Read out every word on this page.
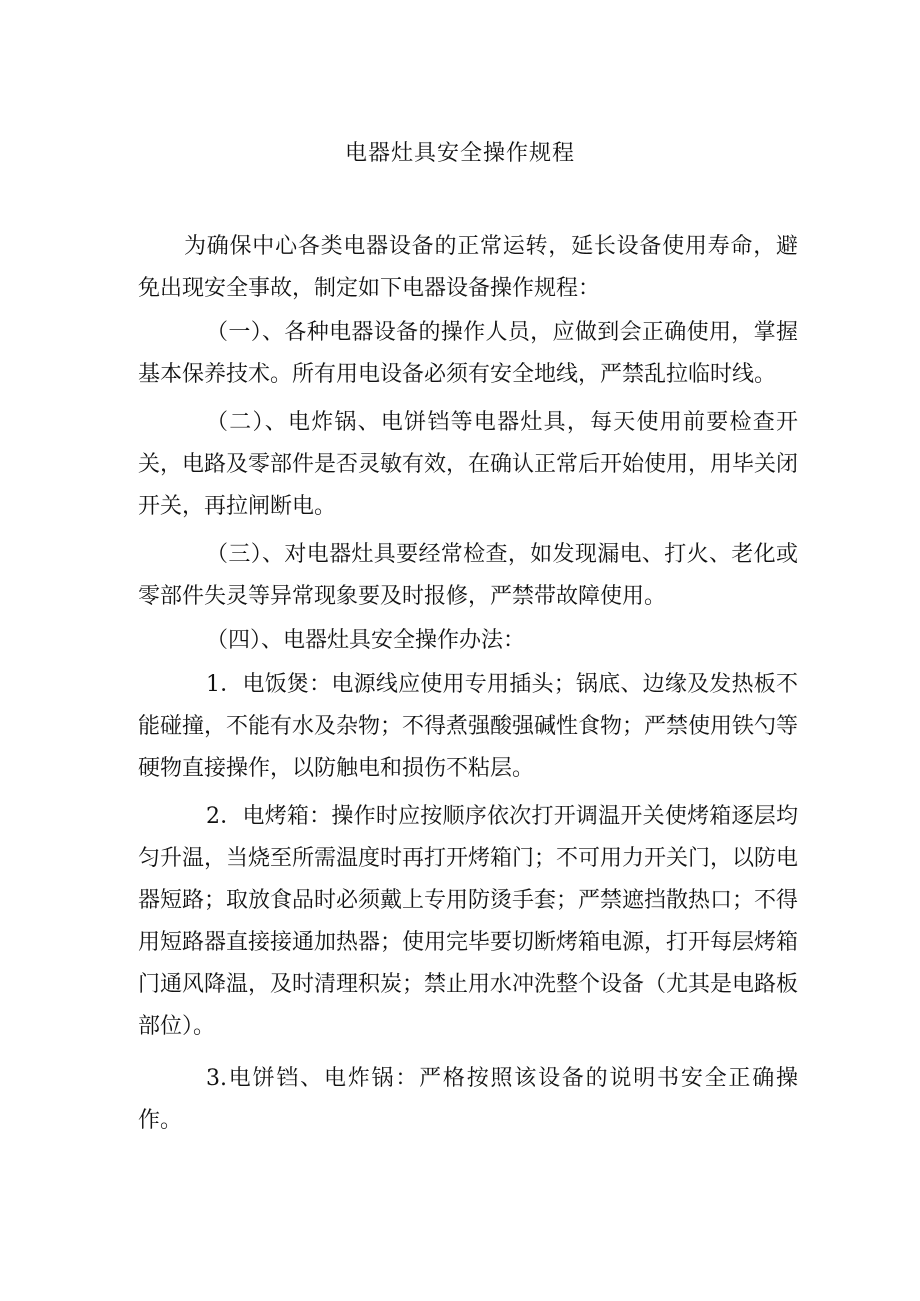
电器灶具安全操作规程

为确保中心各类电器设备的正常运转，延长设备使用寿命，避免出现安全事故，制定如下电器设备操作规程：

（一）、各种电器设备的操作人员，应做到会正确使用，掌握基本保养技术。所有用电设备必须有安全地线，严禁乱拉临时线。

（二）、电炸锅、电饼铛等电器灶具，每天使用前要检查开关，电路及零部件是否灵敏有效，在确认正常后开始使用，用毕关闭开关，再拉闸断电。

（三）、对电器灶具要经常检查，如发现漏电、打火、老化或零部件失灵等异常现象要及时报修，严禁带故障使用。

（四）、电器灶具安全操作办法：

1．电饭煲：电源线应使用专用插头；锅底、边缘及发热板不能碰撞，不能有水及杂物；不得煮强酸强碱性食物；严禁使用铁勺等硬物直接操作，以防触电和损伤不粘层。

2．电烤箱：操作时应按顺序依次打开调温开关使烤箱逐层均匀升温，当烧至所需温度时再打开烤箱门；不可用力开关门，以防电器短路；取放食品时必须戴上专用防烫手套；严禁遮挡散热口；不得用短路器直接接通加热器；使用完毕要切断烤箱电源，打开每层烤箱门通风降温，及时清理积炭；禁止用水冲洗整个设备（尤其是电路板部位）。

3.电饼铛、电炸锅：严格按照该设备的说明书安全正确操作。
